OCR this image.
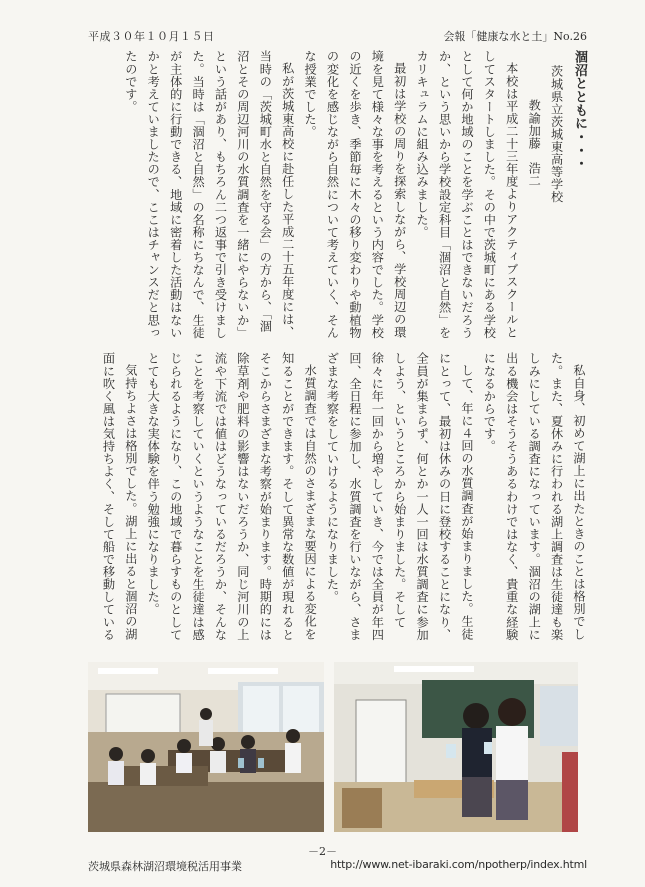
平成３０年１０月１５日	会報「健康な水と土」No.26

涸沼とともに・・・

茨城県立茨城東高等学校

教諭加藤　浩二

本校は平成二十三年度よりアクティブスクールとしてスタートしました。その中で茨城町にある学校として何か地域のことを学ぶことはできないだろうか、という思いから学校設定科目「涸沼と自然」をカリキュラムに組み込みました。

最初は学校の周りを探索しながら、学校周辺の環境を見て様々な事を考えるという内容でした。学校の近くを歩き、季節毎に木々の移り変わりや動植物の変化を感じながら自然について考えていく、そんな授業でした。

私が茨城東高校に赴任した平成二十五年度には、当時の「茨城町水と自然を守る会」の方から、「涸沼とその周辺河川の水質調査を一緒にやらないか」という話があり、もちろん二つ返事で引き受けました。当時は「涸沼と自然」の名称にちなんで、生徒が主体的に行動できる、地域に密着した活動はないかと考えていましたので、ここはチャンスだと思ったのです。

私自身、初めて湖上に出たときのことは格別でした。また、夏休みに行われる湖上調査は生徒達も楽しみにしている調査になっています。涸沼の湖上に出る機会はそうそうあるわけではなく、貴重な経験になるからです。

して、年に４回の水質調査が始まりました。生徒にとって、最初は休みの日に登校することになり、全員が集まらず、何とか一人一回は水質調査に参加しよう、というところから始まりました。そして徐々に年一回から増やしていき、今では全員が年四回、全日程に参加し、水質調査を行いながら、さまざまな考察をしていけるようになりました。

水質調査では自然のさまざまな要因による変化を知ることができます。そして異常な数値が現れるとそこからさまざまな考察が始まります。時期的には除草剤や肥料の影響はないだろうか、同じ河川の上流や下流では値はどうなっているだろうか、そんなことを考察していくというようなことを生徒達は感じられるようになり、この地域で暮らすものとしてとても大きな実体験を伴う勉強になりました。

気持ちよさは格別でした。湖上に出ると涸沼の湖面に吹く風は気持ちよく、そして船で移動している

－2－
茨城県森林湖沼環境税活用事業	http://www.net-ibaraki.com/npotherp/index.html
